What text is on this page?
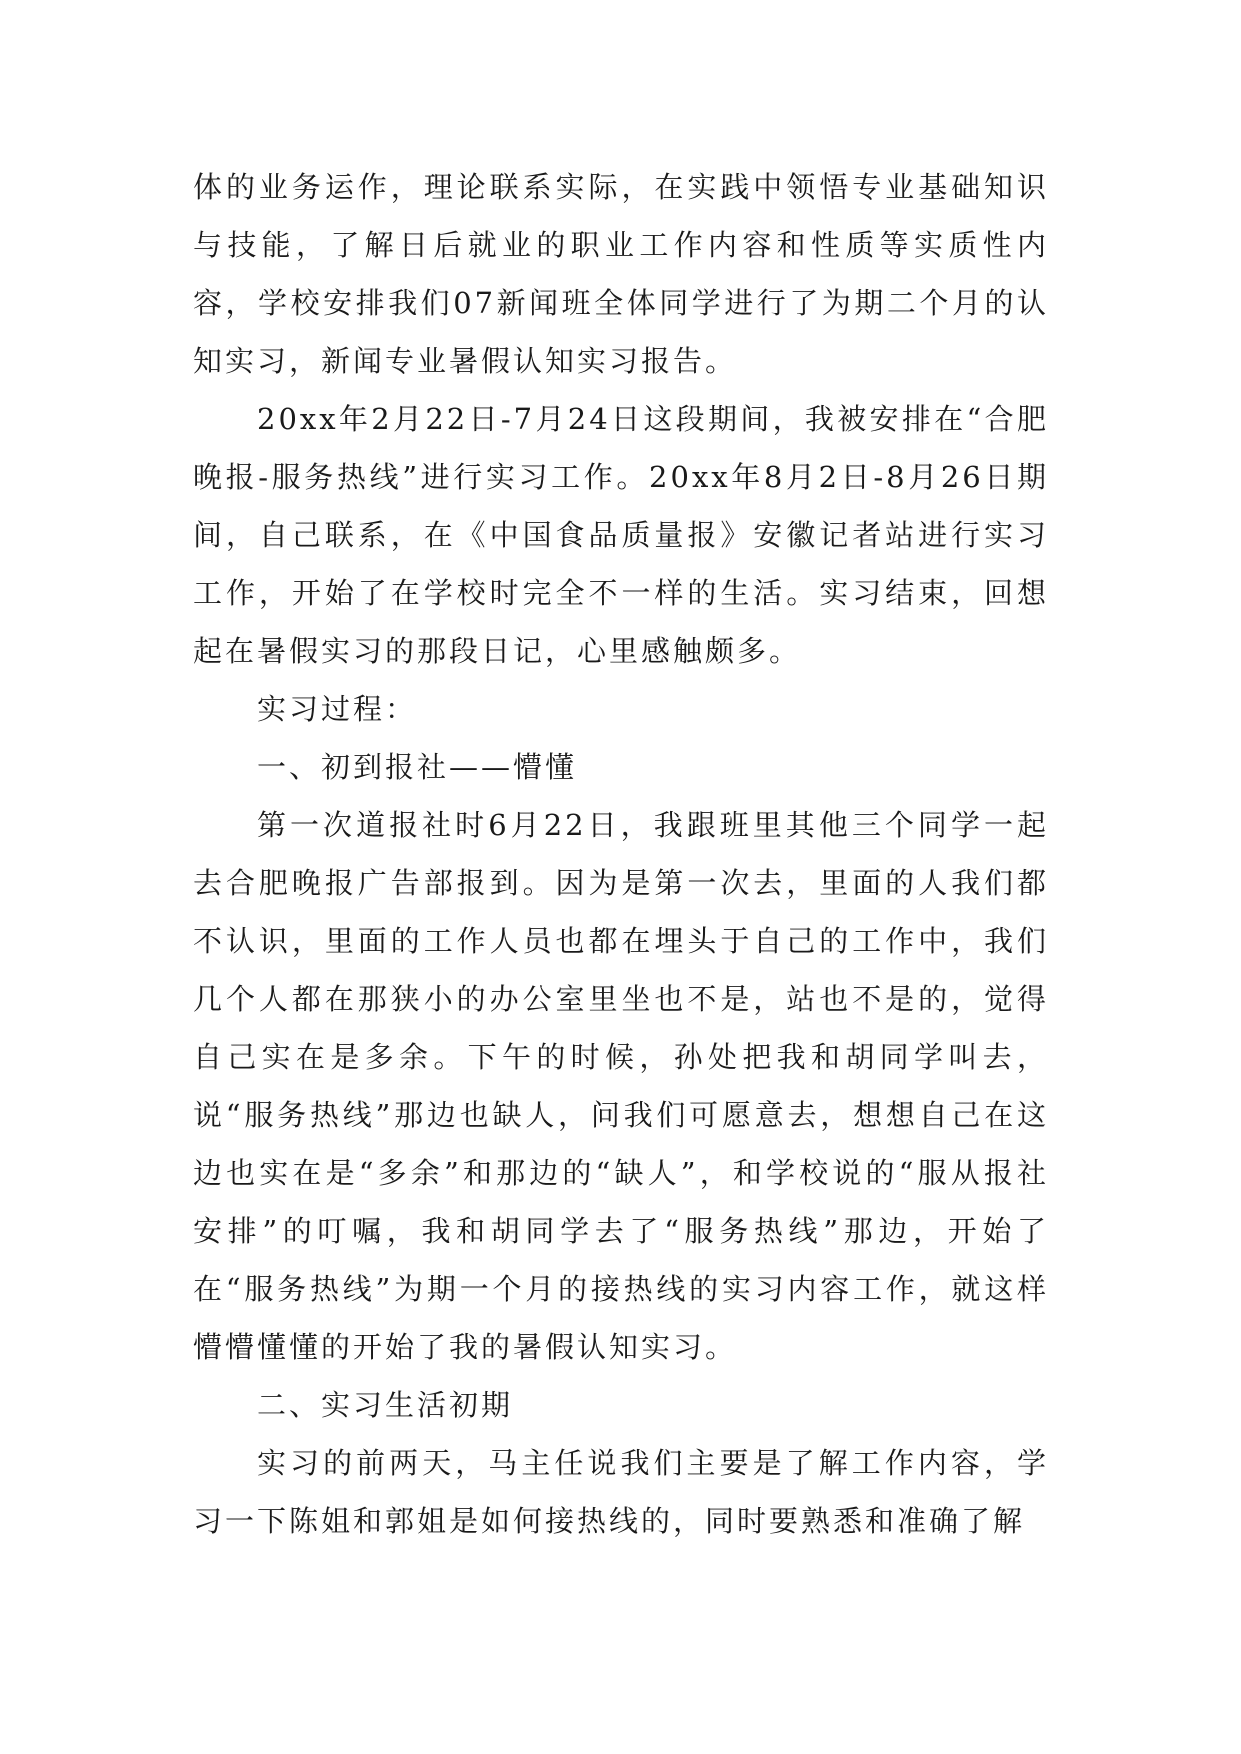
体的业务运作，理论联系实际，在实践中领悟专业基础知识与技能，了解日后就业的职业工作内容和性质等实质性内容，学校安排我们07新闻班全体同学进行了为期二个月的认知实习，新闻专业暑假认知实习报告。

20xx年2月22日-7月24日这段期间，我被安排在“合肥晚报-服务热线”进行实习工作。20xx年8月2日-8月26日期间，自己联系，在《中国食品质量报》安徽记者站进行实习工作，开始了在学校时完全不一样的生活。实习结束，回想起在暑假实习的那段日记，心里感触颇多。

实习过程：

一、初到报社——懵懂

第一次道报社时6月22日，我跟班里其他三个同学一起去合肥晚报广告部报到。因为是第一次去，里面的人我们都不认识，里面的工作人员也都在埋头于自己的工作中，我们几个人都在那狭小的办公室里坐也不是，站也不是的，觉得自己实在是多余。下午的时候，孙处把我和胡同学叫去，说“服务热线”那边也缺人，问我们可愿意去，想想自己在这边也实在是“多余”和那边的“缺人”，和学校说的“服从报社安排”的叮嘱，我和胡同学去了“服务热线”那边，开始了在“服务热线”为期一个月的接热线的实习内容工作，就这样懵懵懂懂的开始了我的暑假认知实习。

二、实习生活初期

实习的前两天，马主任说我们主要是了解工作内容，学习一下陈姐和郭姐是如何接热线的，同时要熟悉和准确了解
